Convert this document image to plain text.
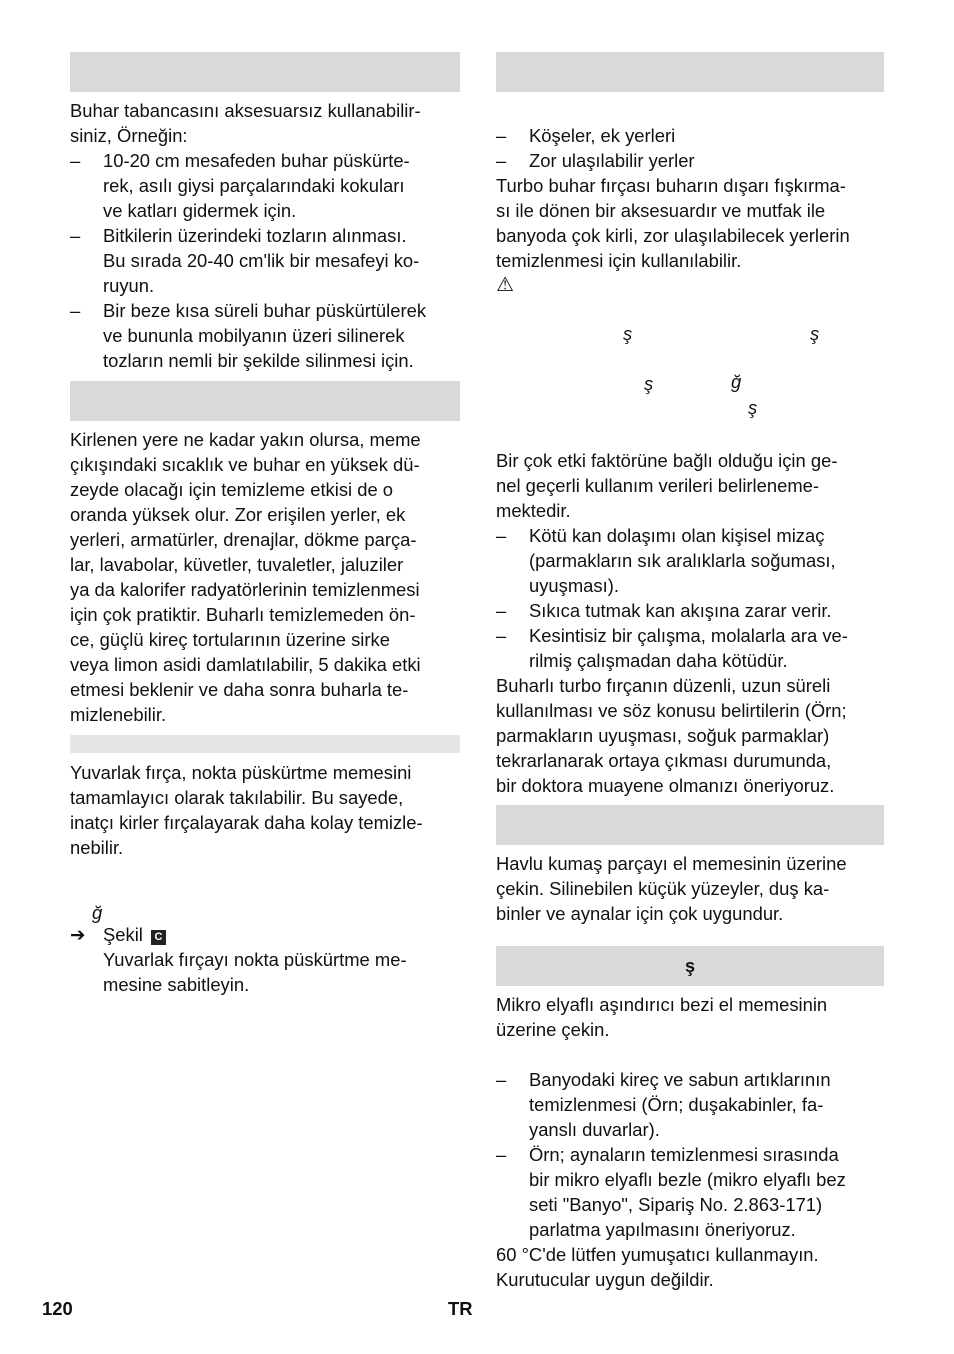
Buhar tabancasını aksesuarsız kullanabilir-
siniz, Örneğin:

–	10-20 cm mesafeden buhar püskürte-
rek, asılı giysi parçalarındaki kokuları
ve katları gidermek için.
–	Bitkilerin üzerindeki tozların alınması.
Bu sırada 20-40 cm'lik bir mesafeyi ko-
ruyun.
–	Bir beze kısa süreli buhar püskürtülerek
ve bununla mobilyanın üzeri silinerek
tozların nemli bir şekilde silinmesi için.

Kirlenen yere ne kadar yakın olursa, meme
çıkışındaki sıcaklık ve buhar en yüksek dü-
zeyde olacağı için temizleme etkisi de o
oranda yüksek olur. Zor erişilen yerler, ek
yerleri, armatürler, drenajlar, dökme parça-
lar, lavabolar, küvetler, tuvaletler, jaluziler
ya da kalorifer radyatörlerinin temizlenmesi
için çok pratiktir. Buharlı temizlemeden ön-
ce, güçlü kireç tortularının üzerine sirke
veya limon asidi damlatılabilir, 5 dakika etki
etmesi beklenir ve daha sonra buharla te-
mizlenebilir.

Yuvarlak fırça, nokta püskürtme memesini
tamamlayıcı olarak takılabilir. Bu sayede,
inatçı kirler fırçalayarak daha kolay temizle-
nebilir.

ğ
➔ Şekil C
Yuvarlak fırçayı nokta püskürtme me-
mesine sabitleyin.
–	Köşeler, ek yerleri
–	Zor ulaşılabilir yerler

Turbo buhar fırçası buharın dışarı fışkırma-
sı ile dönen bir aksesuardır ve mutfak ile
banyoda çok kirli, zor ulaşılabilecek yerlerin
temizlenmesi için kullanılabilir.

⚠
ş	ş
ş	ğ
ş

Bir çok etki faktörüne bağlı olduğu için ge-
nel geçerli kullanım verileri belirleneme-
mektedir.

–	Kötü kan dolaşımı olan kişisel mizaç
(parmakların sık aralıklarla soğuması,
uyuşması).
–	Sıkıca tutmak kan akışına zarar verir.
–	Kesintisiz bir çalışma, molalarla ara ve-
rilmiş çalışmadan daha kötüdür.

Buharlı turbo fırçanın düzenli, uzun süreli
kullanılması ve söz konusu belirtilerin (Örn;
parmakların uyuşması, soğuk parmaklar)
tekrarlanarak ortaya çıkması durumunda,
bir doktora muayene olmanızı öneriyoruz.

Havlu kumaş parçayı el memesinin üzerine
çekin. Silinebilen küçük yüzeyler, duş ka-
binler ve aynalar için çok uygundur.

ş

Mikro elyaflı aşındırıcı bezi el memesinin
üzerine çekin.

–	Banyodaki kireç ve sabun artıklarının
temizlenmesi (Örn; duşakabinler, fa-
yanslı duvarlar).
–	Örn; aynaların temizlenmesi sırasında
bir mikro elyaflı bezle (mikro elyaflı bez
seti "Banyo", Sipariş No. 2.863-171)
parlatma yapılmasını öneriyoruz.

60 °C'de lütfen yumuşatıcı kullanmayın.
Kurutucular uygun değildir.

120	TR
